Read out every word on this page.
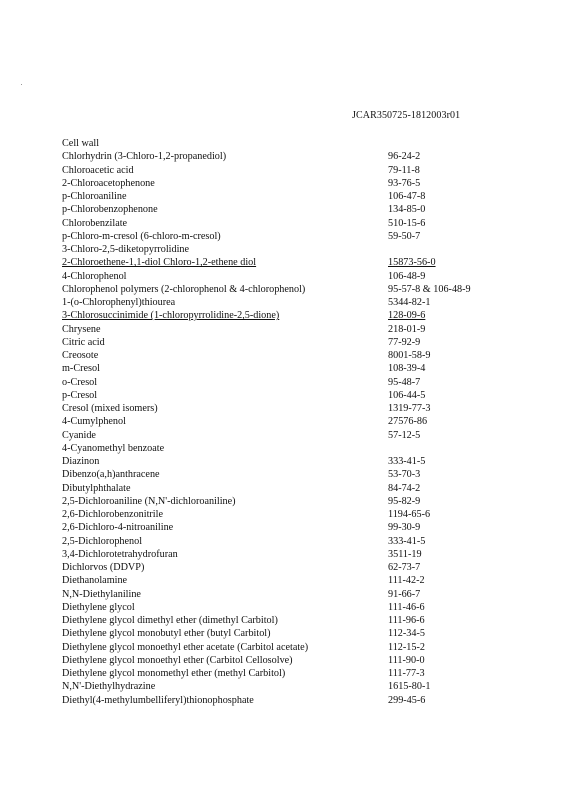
JCAR350725-1812003r01
Cell wall
Chlorhydrin (3-Chloro-1,2-propanediol)	96-24-2
Chloroacetic acid	79-11-8
2-Chloroacetophenone	93-76-5
p-Chloroaniline	106-47-8
p-Chlorobenzophenone	134-85-0
Chlorobenzilate	510-15-6
p-Chloro-m-cresol (6-chloro-m-cresol)	59-50-7
3-Chloro-2,5-diketopyrrolidine
2-Chloroethene-1,1-diol Chloro-1,2-ethene diol	15873-56-0
4-Chlorophenol	106-48-9
Chlorophenol polymers (2-chlorophenol & 4-chlorophenol)	95-57-8 & 106-48-9
1-(o-Chlorophenyl)thiourea	5344-82-1
3-Chlorosuccinimide (1-chloropyrrolidine-2,5-dione)	128-09-6
Chrysene	218-01-9
Citric acid	77-92-9
Creosote	8001-58-9
m-Cresol	108-39-4
o-Cresol	95-48-7
p-Cresol	106-44-5
Cresol (mixed isomers)	1319-77-3
4-Cumylphenol	27576-86
Cyanide	57-12-5
4-Cyanomethyl benzoate
Diazinon	333-41-5
Dibenzo(a,h)anthracene	53-70-3
Dibutylphthalate	84-74-2
2,5-Dichloroaniline (N,N'-dichloroaniline)	95-82-9
2,6-Dichlorobenzonitrile	1194-65-6
2,6-Dichloro-4-nitroaniline	99-30-9
2,5-Dichlorophenol	333-41-5
3,4-Dichlorotetrahydrofuran	3511-19
Dichlorvos (DDVP)	62-73-7
Diethanolamine	111-42-2
N,N-Diethylaniline	91-66-7
Diethylene glycol	111-46-6
Diethylene glycol dimethyl ether (dimethyl Carbitol)	111-96-6
Diethylene glycol monobutyl ether (butyl Carbitol)	112-34-5
Diethylene glycol monoethyl ether acetate (Carbitol acetate)	112-15-2
Diethylene glycol monoethyl ether (Carbitol Cellosolve)	111-90-0
Diethylene glycol monomethyl ether (methyl Carbitol)	111-77-3
N,N'-Diethylhydrazine	1615-80-1
Diethyl(4-methylumbelliferyl)thionophosphate	299-45-6
